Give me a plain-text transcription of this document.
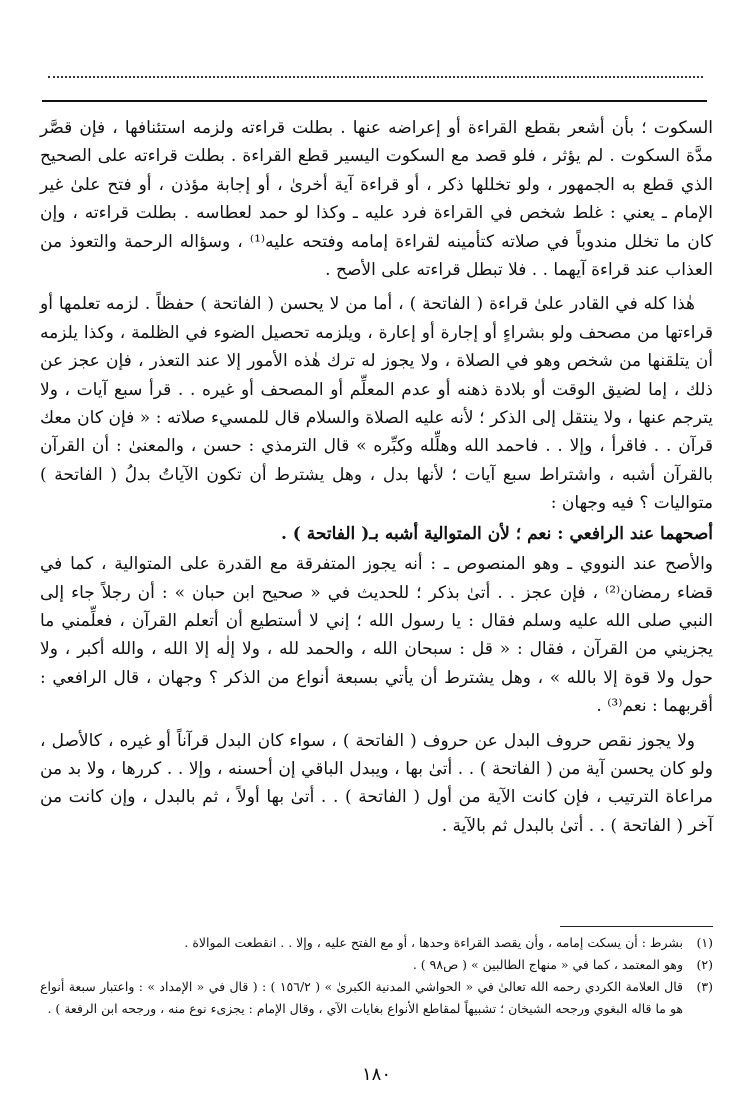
السكوت ؛ بأن أشعر بقطع القراءة أو إعراضه عنها . بطلت قراءته ولزمه استئنافها ، فإن قصَّر مدَّة السكوت . لم يؤثر ، فلو قصد مع السكوت اليسير قطع القراءة . بطلت قراءته على الصحيح الذي قطع به الجمهور ، ولو تخللها ذكر ، أو قراءة آية أخرىٰ ، أو إجابة مؤذن ، أو فتح علىٰ غير الإمام ـ يعني : غلط شخص في القراءة فرد عليه ـ وكذا لو حمد لعطاسه . بطلت قراءته ، وإن كان ما تخلل مندوباً في صلاته كتأمينه لقراءة إمامه وفتحه عليه⁽¹⁾ ، وسؤاله الرحمة والتعوذ من العذاب عند قراءة آيهما . . فلا تبطل قراءته على الأصح .

هٰذا كله في القادر علىٰ قراءة ( الفاتحة ) ، أما من لا يحسن ( الفاتحة ) حفظاً . لزمه تعلمها أو قراءتها من مصحف ولو بشراءٍ أو إجارة أو إعارة ، ويلزمه تحصيل الضوء في الظلمة ، وكذا يلزمه أن يتلقنها من شخص وهو في الصلاة ، ولا يجوز له ترك هٰذه الأمور إلا عند التعذر ، فإن عجز عن ذلك ، إما لضيق الوقت أو بلادة ذهنه أو عدم المعلِّم أو المصحف أو غيره . . قرأ سبع آيات ، ولا يترجم عنها ، ولا ينتقل إلى الذكر ؛ لأنه عليه الصلاة والسلام قال للمسيء صلاته : « فإن كان معك قرآن . . فاقرأ ، وإلا . . فاحمد الله وهلِّله وكبِّره » قال الترمذي : حسن ، والمعنىٰ : أن القرآن بالقرآن أشبه ، واشتراط سبع آيات ؛ لأنها بدل ، وهل يشترط أن تكون الآياتُ بدلُ ( الفاتحة ) متواليات ؟ فيه وجهان :

أصحهما عند الرافعي : نعم ؛ لأن المتوالية أشبه بـ( الفاتحة ) .

والأصح عند النووي ـ وهو المنصوص ـ : أنه يجوز المتفرقة مع القدرة على المتوالية ، كما في قضاء رمضان⁽²⁾ ، فإن عجز . . أتىٰ بذكر ؛ للحديث في « صحيح ابن حبان » : أن رجلاً جاء إلى النبي صلى الله عليه وسلم فقال : يا رسول الله ؛ إني لا أستطيع أن أتعلم القرآن ، فعلِّمني ما يجزيني من القرآن ، فقال : « قل : سبحان الله ، والحمد لله ، ولا إلٰه إلا الله ، والله أكبر ، ولا حول ولا قوة إلا بالله » ، وهل يشترط أن يأتي بسبعة أنواع من الذكر ؟ وجهان ، قال الرافعي : أقربهما : نعم⁽³⁾ .

ولا يجوز نقص حروف البدل عن حروف ( الفاتحة ) ، سواء كان البدل قرآناً أو غيره ، كالأصل ، ولو كان يحسن آية من ( الفاتحة ) . . أتىٰ بها ، ويبدل الباقي إن أحسنه ، وإلا . . كررها ، ولا بد من مراعاة الترتيب ، فإن كانت الآية من أول ( الفاتحة ) . . أتىٰ بها أولاً ، ثم بالبدل ، وإن كانت من آخر ( الفاتحة ) . . أتىٰ بالبدل ثم بالآية .

(١)
بشرط : أن يسكت إمامه ، وأن يقصد القراءة وحدها ، أو مع الفتح عليه ، وإلا . . انقطعت الموالاة .
(٢)
وهو المعتمد ، كما في « منهاج الطالبين » ( ص٩٨ ) .
(٣)
قال العلامة الكردي رحمه الله تعالىٰ في « الحواشي المدنية الكبرىٰ » ( ١٥٦/٢ ) : ( قال في « الإمداد » : واعتبار سبعة أنواع هو ما قاله البغوي ورجحه الشيخان ؛ تشبيهاً لمقاطع الأنواع بغايات الآي ، وقال الإمام : يجزىء نوع منه ، ورجحه ابن الرفعة ) .
١٨٠
